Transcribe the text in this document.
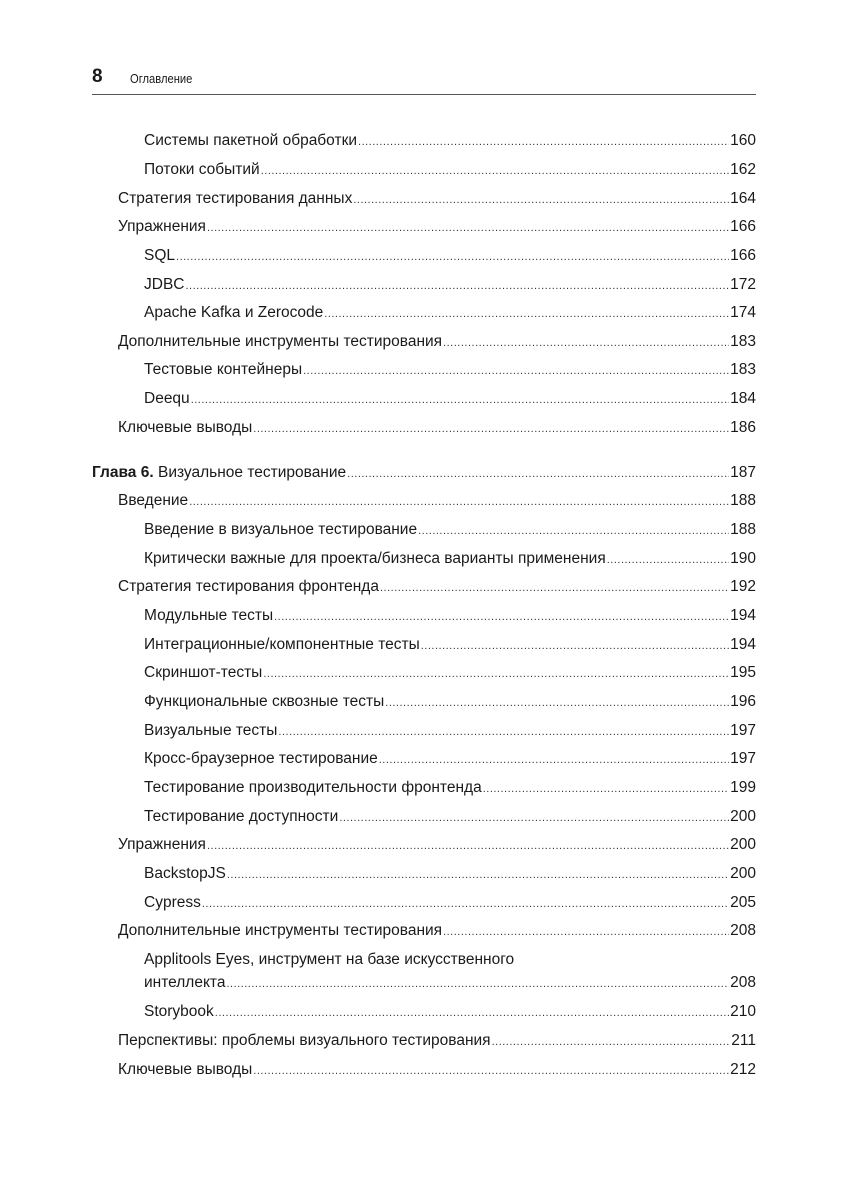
8 Оглавление
Системы пакетной обработки .....	160
Потоки событий .....	162
Стратегия тестирования данных .....	164
Упражнения .....	166
SQL .....	166
JDBC .....	172
Apache Kafka и Zerocode .....	174
Дополнительные инструменты тестирования .....	183
Тестовые контейнеры .....	183
Deequ .....	184
Ключевые выводы .....	186
Глава 6. Визуальное тестирование .....	187
Введение .....	188
Введение в визуальное тестирование .....	188
Критически важные для проекта/бизнеса варианты применения .....	190
Стратегия тестирования фронтенда .....	192
Модульные тесты .....	194
Интеграционные/компонентные тесты .....	194
Скриншот-тесты .....	195
Функциональные сквозные тесты .....	196
Визуальные тесты .....	197
Кросс-браузерное тестирование .....	197
Тестирование производительности фронтенда .....	199
Тестирование доступности .....	200
Упражнения .....	200
BackstopJS .....	200
Cypress .....	205
Дополнительные инструменты тестирования .....	208
Applitools Eyes, инструмент на базе искусственного
интеллекта .....	208
Storybook .....	210
Перспективы: проблемы визуального тестирования .....	211
Ключевые выводы .....	212
